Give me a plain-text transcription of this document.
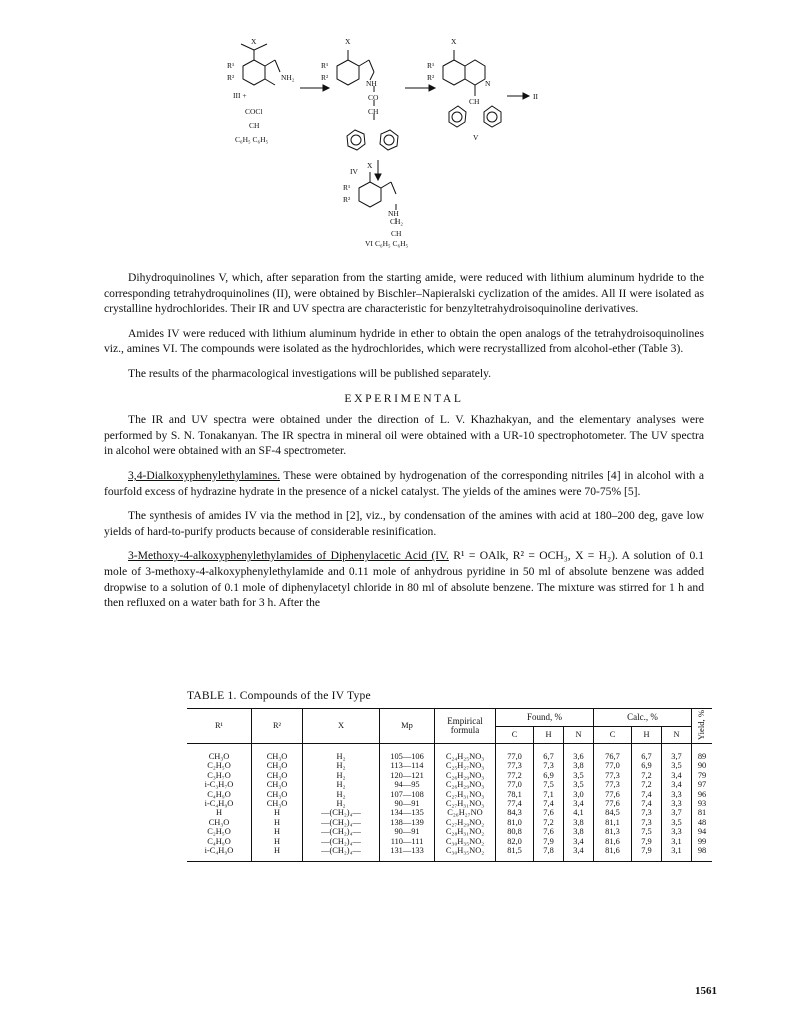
X	X	X
X
R¹
R²
R¹
R²
R¹
R²
R¹
R²
NH₂
NH
NH
N
III +
COCl
CH
C₆H₅ C₆H₅
CO
CH
CH
CH₂
CH
C₆H₅ C₆H₅
IV
V
VI
II

Dihydroquinolines V, which, after separation from the starting amide, were reduced with lithium aluminum hydride to the corresponding tetrahydroquinolines (II), were obtained by Bischler–Napieralski cyclization of the amides. All II were isolated as crystalline hydrochlorides. Their IR and UV spectra are characteristic for benzyltetrahydroisoquinoline derivatives.

Amides IV were reduced with lithium aluminum hydride in ether to obtain the open analogs of the tetrahydroisoquinolines viz., amines VI. The compounds were isolated as the hydrochlorides, which were recrystallized from alcohol-ether (Table 3).

The results of the pharmacological investigations will be published separately.

EXPERIMENTAL

The IR and UV spectra were obtained under the direction of L. V. Khazhakyan, and the elementary analyses were performed by S. N. Tonakanyan. The IR spectra in mineral oil were obtained with a UR-10 spectrophotometer. The UV spectra in alcohol were obtained with an SF-4 spectrometer.

3,4-Dialkoxyphenylethylamines. These were obtained by hydrogenation of the corresponding nitriles [4] in alcohol with a fourfold excess of hydrazine hydrate in the presence of a nickel catalyst. The yields of the amines were 70-75% [5].

The synthesis of amides IV via the method in [2], viz., by condensation of the amines with acid at 180–200 deg, gave low yields of hard-to-purify products because of considerable resinification.

3-Methoxy-4-alkoxyphenylethylamides of Diphenylacetic Acid (IV. R¹ = OAlk, R² = OCH₃, X = H₂). A solution of 0.1 mole of 3-methoxy-4-alkoxyphenylethylamide and 0.11 mole of anhydrous pyridine in 50 ml of absolute benzene was added dropwise to a solution of 0.1 mole of diphenylacetyl chloride in 80 ml of absolute benzene. The mixture was stirred for 1 h and then refluxed on a water bath for 3 h. After the

TABLE 1. Compounds of the IV Type
R¹	R²	X	Mp	Empirical formula	Found, %			Calc., %			Yield, %
					C	H	N	C	H	N	
CH₃O	CH₃O	H₂	105—106	C₂₄H₂₅NO₃	77,0	6,7	3,6	76,7	6,7	3,7	89
C₂H₅O	CH₃O	H₂	113—114	C₂₅H₂₇NO₃	77,3	7,3	3,8	77,0	6,9	3,5	90
C₃H₇O	CH₃O	H₂	120—121	C₂₆H₂₉NO₃	77,2	6,9	3,5	77,3	7,2	3,4	79
i-C₃H₇O	CH₃O	H₂	94—95	C₂₆H₂₉NO₃	77,0	7,5	3,5	77,3	7,2	3,4	97
C₄H₉O	CH₃O	H₂	107—108	C₂₇H₃₁NO₃	78,1	7,1	3,0	77,6	7,4	3,3	96
i-C₄H₉O	CH₃O	H₂	90—91	C₂₇H₃₁NO₃	77,4	7,4	3,4	77,6	7,4	3,3	93
H	H	—(CH₂)₄—	134—135	C₂₆H₂₇NO	84,3	7,6	4,1	84,5	7,3	3,7	81
CH₃O	H	—(CH₂)₄—	138—139	C₂₇H₂₉NO₂	81,0	7,2	3,8	81,1	7,3	3,5	48
C₂H₅O	H	—(CH₂)₄—	90—91	C₂₈H₃₁NO₂	80,8	7,6	3,8	81,3	7,5	3,3	94
C₄H₉O	H	—(CH₂)₄—	110—111	C₃₀H₃₅NO₂	82,0	7,9	3,4	81,6	7,9	3,1	99
i-C₄H₉O	H	—(CH₂)₄—	131—133	C₃₀H₃₅NO₂	81,5	7,8	3,4	81,6	7,9	3,1	98
1561
